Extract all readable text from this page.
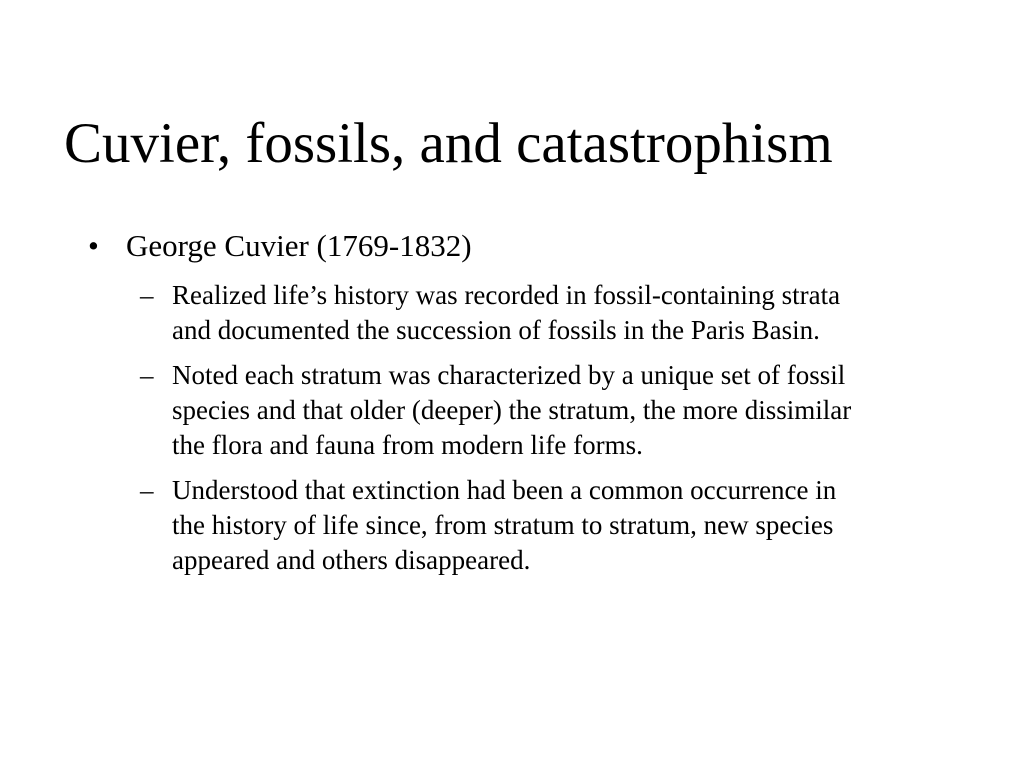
Cuvier, fossils, and catastrophism
• George Cuvier (1769-1832)
– Realized life’s history was recorded in fossil-containing strata and documented the succession of fossils in the Paris Basin.
– Noted each stratum was characterized by a unique set of fossil species and that older (deeper) the stratum, the more dissimilar the flora and fauna from modern life forms.
– Understood that extinction had been a common occurrence in the history of life since, from stratum to stratum, new species appeared and others disappeared.
